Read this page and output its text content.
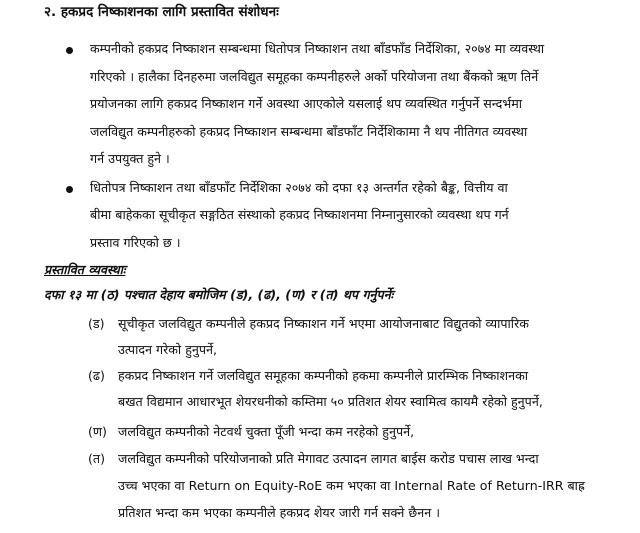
२. हकप्रद निष्काशनका लागि प्रस्तावित संशोधनः
कम्पनीको हकप्रद निष्काशन सम्बन्धमा धितोपत्र निष्काशन तथा बाँडफाँड निर्देशिका, २०७४ मा व्यवस्था
गरिएको । हालैका दिनहरुमा जलविद्युत समूहका कम्पनीहरुले अर्को परियोजना तथा बैंकको ऋण तिर्ने
प्रयोजनका लागि हकप्रद निष्काशन गर्ने अवस्था आएकोले यसलाई थप व्यवस्थित गर्नुपर्ने सन्दर्भमा
जलविद्युत कम्पनीहरुको हकप्रद निष्काशन सम्बन्धमा बाँडफाँट निर्देशिकामा नै थप नीतिगत व्यवस्था
गर्न उपयुक्त हुने ।
धितोपत्र निष्काशन तथा बाँडफाँट निर्देशिका २०७४ को दफा १३ अन्तर्गत रहेको बैङ्क, वित्तीय वा
बीमा बाहेकका सूचीकृत सङ्गठित संस्थाको हकप्रद निष्काशनमा निम्नानुसारको व्यवस्था थप गर्न
प्रस्ताव गरिएको छ ।
प्रस्तावित व्यवस्थाः
दफा १३ मा (ठ) पश्चात देहाय बमोजिम (ड), (ढ), (ण) र (त) थप गर्नुपर्नेः
(ड) सूचीकृत जलविद्युत कम्पनीले हकप्रद निष्काशन गर्ने भएमा आयोजनाबाट विद्युतको व्यापारिक
उत्पादन गरेको हुनुपर्ने,
(ढ) हकप्रद निष्काशन गर्ने जलविद्युत समूहका कम्पनीको हकमा कम्पनीले प्रारम्भिक निष्काशनका
बखत विद्यमान आधारभूत शेयरधनीको कम्तिमा ५० प्रतिशत शेयर स्वामित्व कायमै रहेको हुनुपर्ने,
(ण) जलविद्युत कम्पनीको नेटवर्थ चुक्ता पूँजी भन्दा कम नरहेको हुनुपर्ने,
(त) जलविद्युत कम्पनीको परियोजनाको प्रति मेगावट उत्पादन लागत बाईस करोड पचास लाख भन्दा
उच्च भएका वा Return on Equity-RoE कम भएका वा Internal Rate of Return-IRR बाह्र
प्रतिशत भन्दा कम भएका कम्पनीले हकप्रद शेयर जारी गर्न सक्ने छैनन ।
